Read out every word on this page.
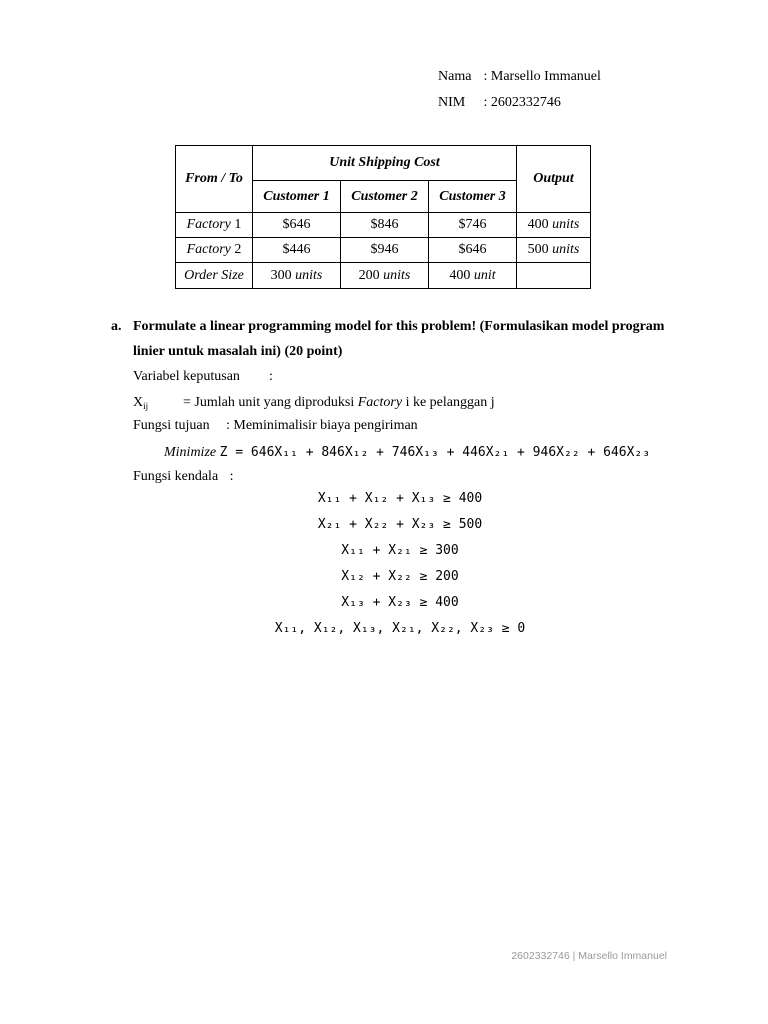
Nama : Marsello Immanuel
NIM : 2602332746
From / To	Unit Shipping Cost			Output
	Customer 1	Customer 2	Customer 3	
Factory 1	$646	$846	$746	400 units
Factory 2	$446	$946	$646	500 units
Order Size	300 units	200 units	400 unit	
a. Formulate a linear programming model for this problem! (Formulasikan model program
linier untuk masalah ini) (20 point)
Variabel keputusan :
$X_{ij}$ = Jumlah unit yang diproduksi Factory i ke pelanggan j
Fungsi tujuan : Meminimalisir biaya pengiriman
Minimize Z = 646X₁₁ + 846X₁₂ + 746X₁₃ + 446X₂₁ + 946X₂₂ + 646X₂₃
Fungsi kendala :
X₁₁ + X₁₂ + X₁₃ ≥ 400
X₂₁ + X₂₂ + X₂₃ ≥ 500
X₁₁ + X₂₁ ≥ 300
X₁₂ + X₂₂ ≥ 200
X₁₃ + X₂₃ ≥ 400
X₁₁, X₁₂, X₁₃, X₂₁, X₂₂, X₂₃ ≥ 0
2602332746 | Marsello Immanuel
